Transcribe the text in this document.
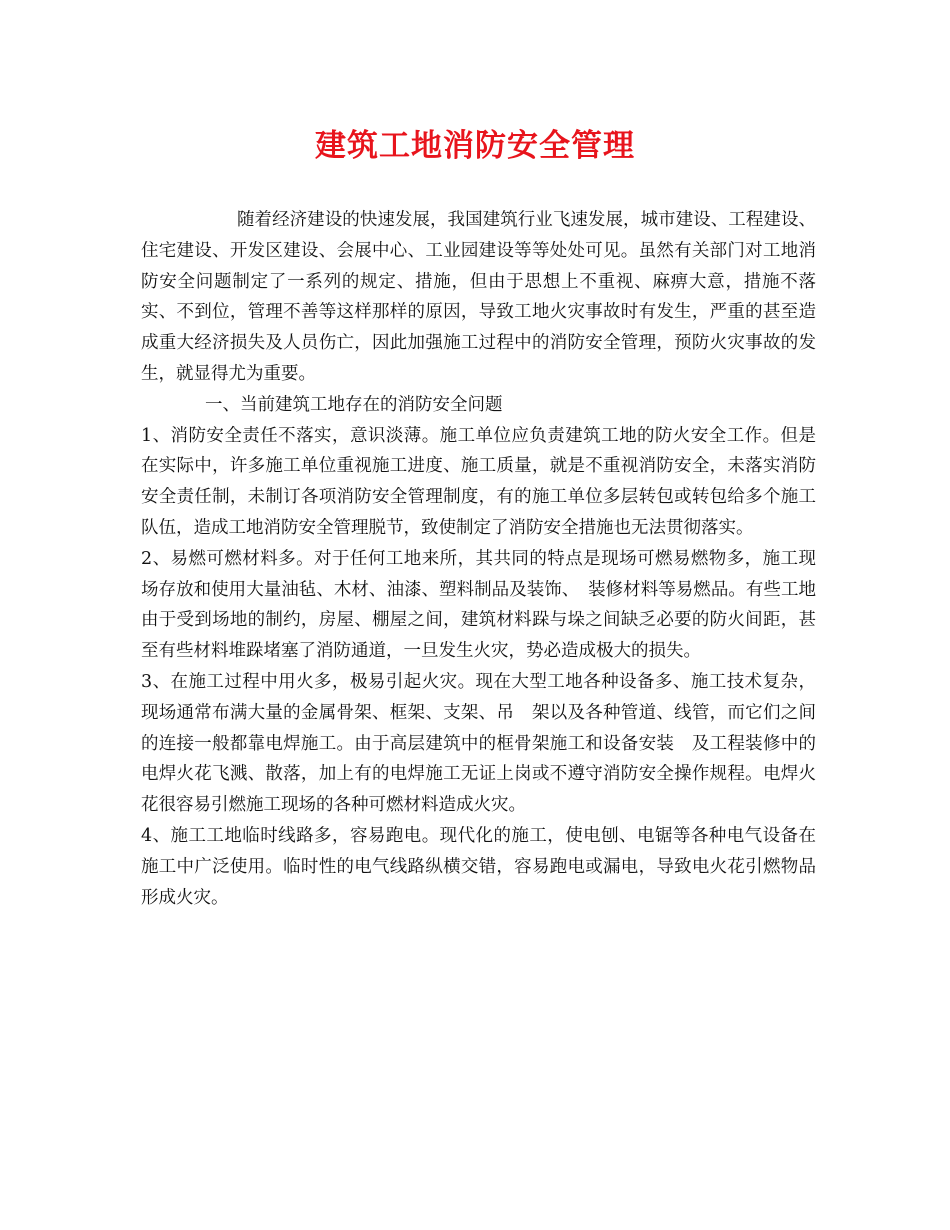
建筑工地消防安全管理

随着经济建设的快速发展，我国建筑行业飞速发展，城市建设、工程建设、住宅建设、开发区建设、会展中心、工业园建设等等处处可见。虽然有关部门对工地消防安全问题制定了一系列的规定、措施，但由于思想上不重视、麻痹大意，措施不落实、不到位，管理不善等这样那样的原因，导致工地火灾事故时有发生，严重的甚至造成重大经济损失及人员伤亡，因此加强施工过程中的消防安全管理，预防火灾事故的发生，就显得尤为重要。

一、当前建筑工地存在的消防安全问题

1、消防安全责任不落实，意识淡薄。施工单位应负责建筑工地的防火安全工作。但是在实际中，许多施工单位重视施工进度、施工质量，就是不重视消防安全，未落实消防安全责任制，未制订各项消防安全管理制度，有的施工单位多层转包或转包给多个施工队伍，造成工地消防安全管理脱节，致使制定了消防安全措施也无法贯彻落实。

2、易燃可燃材料多。对于任何工地来所，其共同的特点是现场可燃易燃物多，施工现场存放和使用大量油毡、木材、油漆、塑料制品及装饰、　装修材料等易燃品。有些工地由于受到场地的制约，房屋、棚屋之间，建筑材料跺与垛之间缺乏必要的防火间距，甚至有些材料堆跺堵塞了消防通道，一旦发生火灾，势必造成极大的损失。

3、在施工过程中用火多，极易引起火灾。现在大型工地各种设备多、施工技术复杂，现场通常布满大量的金属骨架、框架、支架、吊　架以及各种管道、线管，而它们之间的连接一般都靠电焊施工。由于高层建筑中的框骨架施工和设备安装　及工程装修中的电焊火花飞溅、散落，加上有的电焊施工无证上岗或不遵守消防安全操作规程。电焊火花很容易引燃施工现场的各种可燃材料造成火灾。

4、施工工地临时线路多，容易跑电。现代化的施工，使电刨、电锯等各种电气设备在施工中广泛使用。临时性的电气线路纵横交错，容易跑电或漏电，导致电火花引燃物品形成火灾。
